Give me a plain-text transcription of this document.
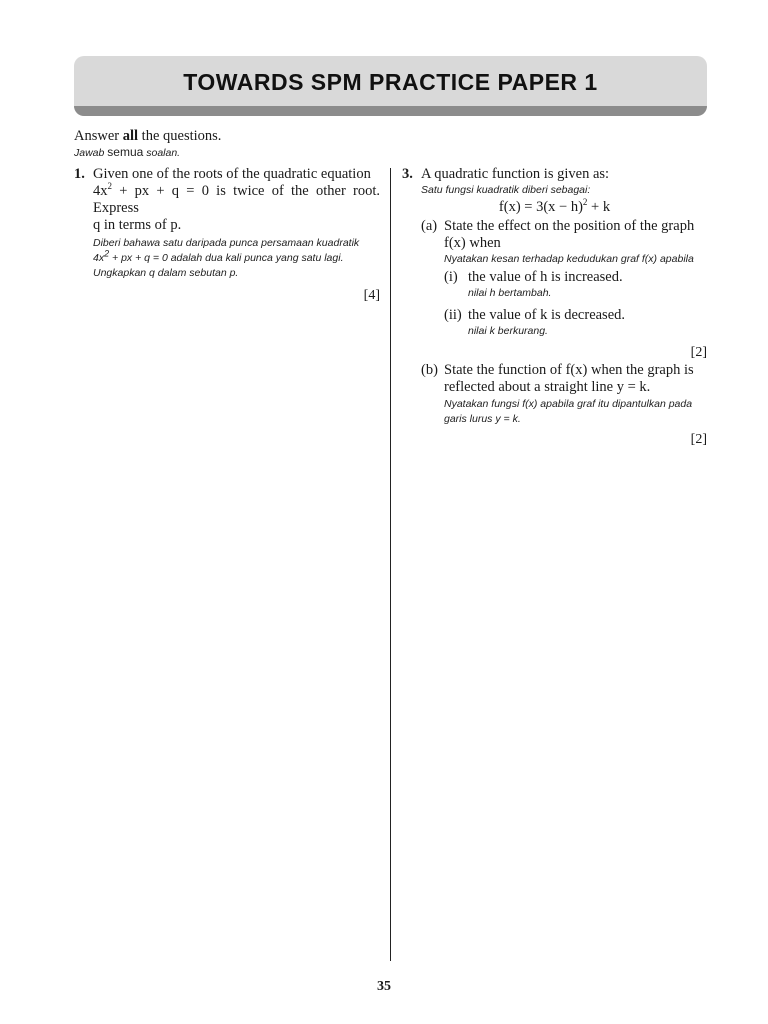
TOWARDS SPM PRACTICE PAPER 1
Answer all the questions.
Jawab semua soalan.
1. Given one of the roots of the quadratic equation
$4x^2$ + px + q = 0 is twice of the other root. Express
q in terms of p.
Diberi bahawa satu daripada punca persamaan kuadratik
$4x^2$ + px + q = 0 adalah dua kali punca yang satu lagi.
Ungkapkan q dalam sebutan p.
[4]
3. A quadratic function is given as:
Satu fungsi kuadratik diberi sebagai:
$f(x) = 3(x - h)^2 + k$
(a) State the effect on the position of the graph
f(x) when
Nyatakan kesan terhadap kedudukan graf f(x) apabila
(i) the value of h is increased.
nilai h bertambah.
(ii) the value of k is decreased.
nilai k berkurang.
[2]
(b) State the function of f(x) when the graph is
reflected about a straight line y = k.
Nyatakan fungsi f(x) apabila graf itu dipantulkan pada
garis lurus y = k.
[2]
35
